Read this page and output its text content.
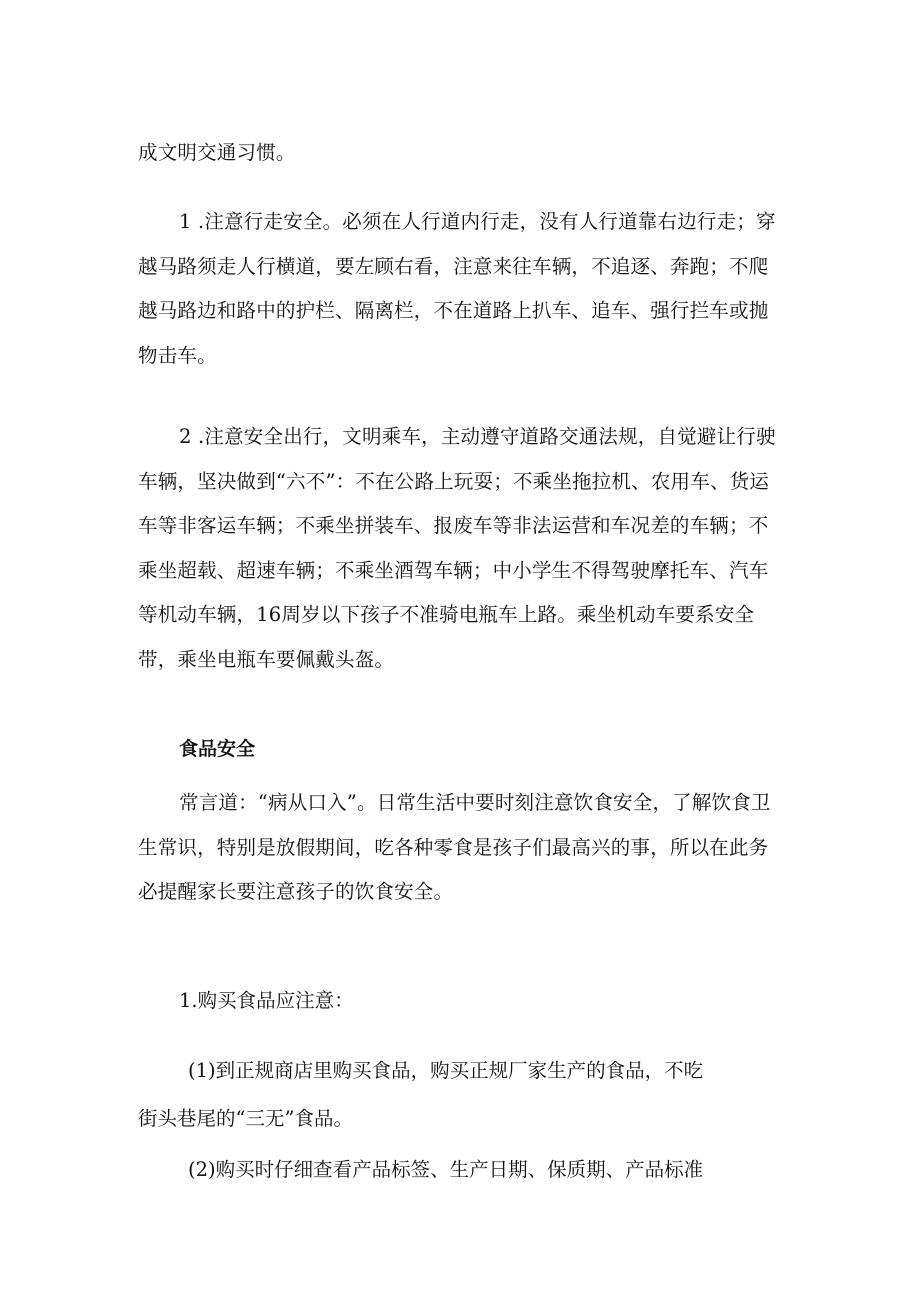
成文明交通习惯。

1 .注意行走安全。必须在人行道内行走，没有人行道靠右边行走；穿越马路须走人行横道，要左顾右看，注意来往车辆，不追逐、奔跑；不爬越马路边和路中的护栏、隔离栏，不在道路上扒车、追车、强行拦车或抛物击车。

2 .注意安全出行，文明乘车，主动遵守道路交通法规，自觉避让行驶车辆，坚决做到“六不”：不在公路上玩耍；不乘坐拖拉机、农用车、货运车等非客运车辆；不乘坐拼装车、报废车等非法运营和车况差的车辆；不乘坐超载、超速车辆；不乘坐酒驾车辆；中小学生不得驾驶摩托车、汽车等机动车辆，16周岁以下孩子不准骑电瓶车上路。乘坐机动车要系安全带，乘坐电瓶车要佩戴头盔。

食品安全

常言道：“病从口入”。日常生活中要时刻注意饮食安全，了解饮食卫生常识，特别是放假期间，吃各种零食是孩子们最高兴的事，所以在此务必提醒家长要注意孩子的饮食安全。

1.购买食品应注意：

(1)到正规商店里购买食品，购买正规厂家生产的食品，不吃

街头巷尾的“三无”食品。

(2)购买时仔细查看产品标签、生产日期、保质期、产品标准
